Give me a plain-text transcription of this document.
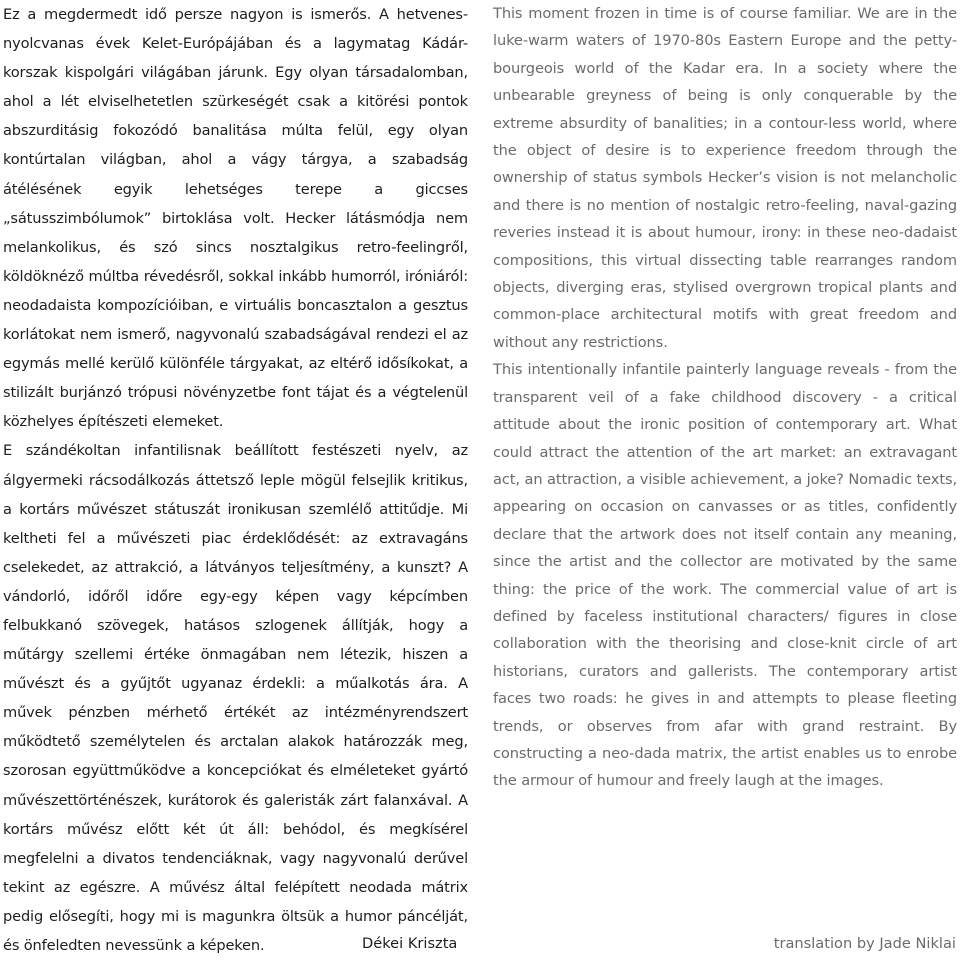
Ez a megdermedt idő persze nagyon is ismerős. A hetvenes-nyolcvanas évek Kelet-Európájában és a lagymatag Kádár-korszak kispolgári világában járunk. Egy olyan társadalomban, ahol a lét elviselhetetlen szürkeségét csak a kitörési pontok abszurditásig fokozódó banalitása múlta felül, egy olyan kontúrtalan világban, ahol a vágy tárgya, a szabadság átélésének egyik lehetséges terepe a giccses „sátusszimbólumok” birtoklása volt. Hecker látásmódja nem melankolikus, és szó sincs nosztalgikus retro-feelingről, köldöknéző múltba révedésről, sokkal inkább humorról, iróniáról: neodadaista kompozícióiban, e virtuális boncasztalon a gesztus korlátokat nem ismerő, nagyvonalú szabadságával rendezi el az egymás mellé kerülő különféle tárgyakat, az eltérő idősíkokat, a stilizált burjánzó trópusi növényzetbe font tájat és a végtelenül közhelyes építészeti elemeket.

E szándékoltan infantilisnak beállított festészeti nyelv, az álgyermeki rácsodálkozás áttetsző leple mögül felsejlik kritikus, a kortárs művészet státuszát ironikusan szemlélő attitűdje. Mi keltheti fel a művészeti piac érdeklődését: az extravagáns cselekedet, az attrakció, a látványos teljesítmény, a kunszt? A vándorló, időről időre egy-egy képen vagy képcímben felbukkanó szövegek, hatásos szlogenek állítják, hogy a műtárgy szellemi értéke önmagában nem létezik, hiszen a művészt és a gyűjtőt ugyanaz érdekli: a műalkotás ára. A művek pénzben mérhető értékét az intézményrendszert működtető személytelen és arctalan alakok határozzák meg, szorosan együttműködve a koncepciókat és elméleteket gyártó művészettörténészek, kurátorok és galeristák zárt falanxával. A kortárs művész előtt két út áll: behódol, és megkísérel megfelelni a divatos tendenciáknak, vagy nagyvonalú derűvel tekint az egészre. A művész által felépített neodada mátrix pedig elősegíti, hogy mi is magunkra öltsük a humor páncélját, és önfeledten nevessünk a képeken.

This moment frozen in time is of course familiar. We are in the luke-warm waters of 1970-80s Eastern Europe and the petty-bourgeois world of the Kadar era. In a society where the unbearable greyness of being is only conquerable by the extreme absurdity of banalities; in a contour-less world, where the object of desire is to experience freedom through the ownership of status symbols Hecker’s vision is not melancholic and there is no mention of nostalgic retro-feeling, naval-gazing reveries instead it is about humour, irony: in these neo-dadaist compositions, this virtual dissecting table rearranges random objects, diverging eras, stylised overgrown tropical plants and common-place architectural motifs with great freedom and without any restrictions.

This intentionally infantile painterly language reveals - from the transparent veil of a fake childhood discovery - a critical attitude about the ironic position of contemporary art. What could attract the attention of the art market: an extravagant act, an attraction, a visible achievement, a joke? Nomadic texts, appearing on occasion on canvasses or as titles, confidently declare that the artwork does not itself contain any meaning, since the artist and the collector are motivated by the same thing: the price of the work. The commercial value of art is defined by faceless institutional characters/ figures in close collaboration with the theorising and close-knit circle of art historians, curators and gallerists. The contemporary artist faces two roads: he gives in and attempts to please fleeting trends, or observes from afar with grand restraint. By constructing a neo-dada matrix, the artist enables us to enrobe the armour of humour and freely laugh at the images.

Dékei Kriszta	translation by Jade Niklai
